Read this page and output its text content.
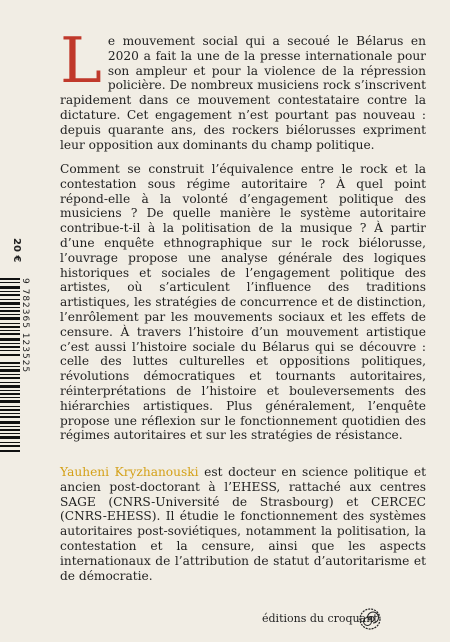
20 €
9 782365 123525
L e mouvement social qui a secoué le Bélarus en 2020 a fait la une de la presse internationale pour son ampleur et pour la violence de la répression policière. De nombreux musiciens rock s’inscrivent rapidement dans ce mouvement contestataire contre la dictature. Cet engagement n’est pourtant pas nouveau : depuis quarante ans, des rockers biélorusses expriment leur opposition aux dominants du champ politique.
Comment se construit l’équivalence entre le rock et la contestation sous régime autoritaire ? À quel point répond-elle à la volonté d’engagement politique des musiciens ? De quelle manière le système autoritaire contribue-t-il à la politisation de la musique ? À partir d’une enquête ethnographique sur le rock biélorusse, l’ouvrage propose une analyse générale des logiques historiques et sociales de l’engagement politique des artistes, où s’articulent l’influence des traditions artistiques, les stratégies de concurrence et de distinction, l’enrôlement par les mouvements sociaux et les effets de censure. À travers l’histoire d’un mouvement artistique c’est aussi l’histoire sociale du Bélarus qui se découvre : celle des luttes culturelles et oppositions politiques, révolutions démocratiques et tournants autoritaires, réinterprétations de l’histoire et bouleversements des hiérarchies artistiques. Plus généralement, l’enquête propose une réflexion sur le fonctionnement quotidien des régimes autoritaires et sur les stratégies de résistance.
Yauheni Kryzhanouski est docteur en science politique et ancien post-doctorant à l’EHESS, rattaché aux centres SAGE (CNRS-Université de Strasbourg) et CERCEC (CNRS-EHESS). Il étudie le fonctionnement des systèmes autoritaires post-soviétiques, notamment la politisation, la contestation et la censure, ainsi que les aspects internationaux de l’attribution de statut d’autoritarisme et de démocratie.
éditions du croquant
